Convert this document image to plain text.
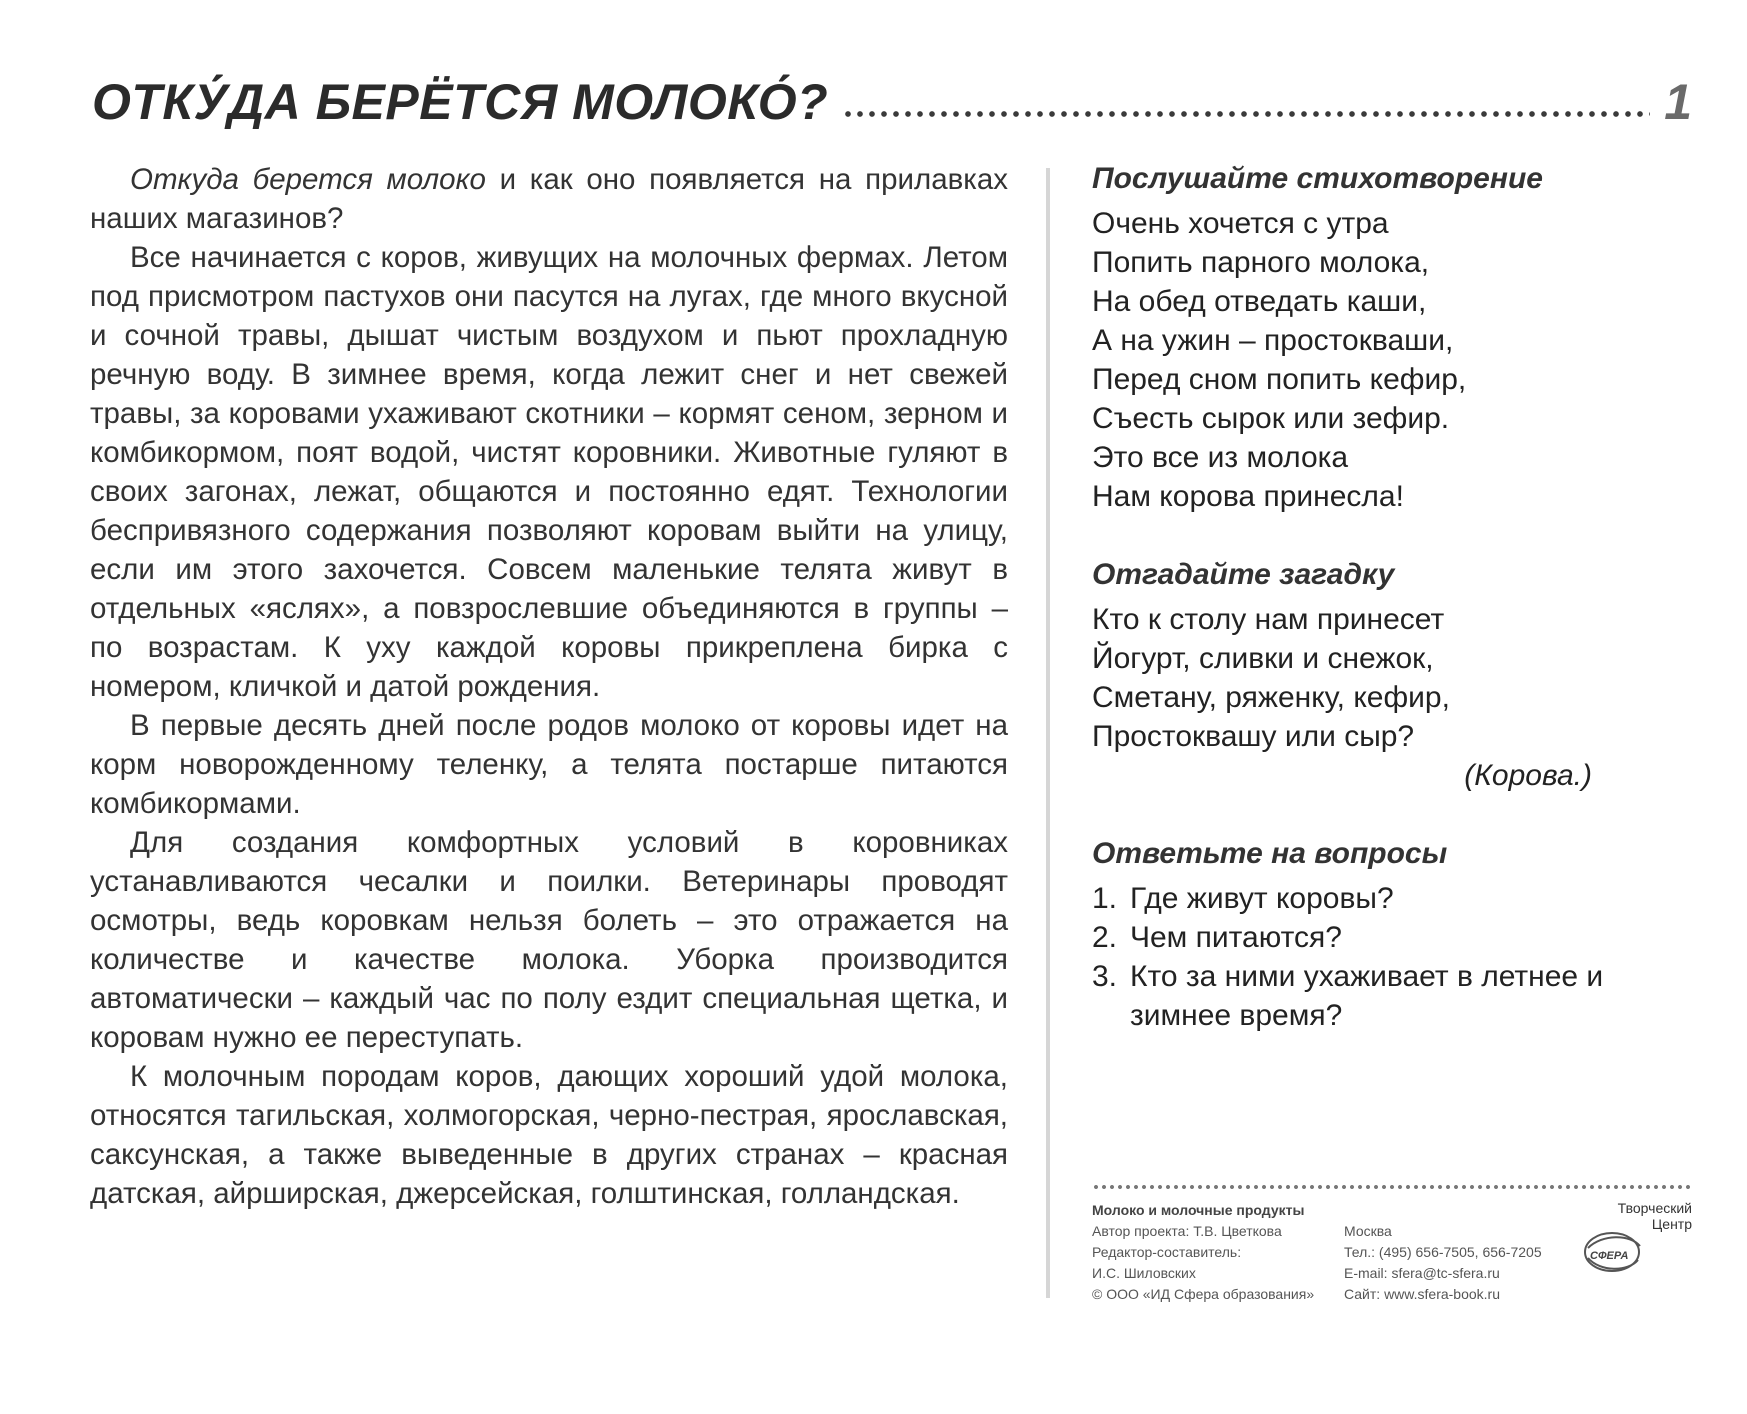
ОТКУ́ДА БЕРЁТСЯ МОЛОКО́?	1

Откуда берется молоко и как оно появляется на прилавках наших магазинов?

Все начинается с коров, живущих на молочных фермах. Летом под присмотром пастухов они пасутся на лугах, где много вкусной и сочной травы, дышат чистым воздухом и пьют прохладную речную воду. В зимнее время, когда лежит снег и нет свежей травы, за коровами ухаживают скотники – кормят сеном, зерном и комбикормом, поят водой, чистят коровники. Животные гуляют в своих загонах, лежат, общаются и постоянно едят. Технологии беспривязного содержания позволяют коровам выйти на улицу, если им этого захочется. Совсем маленькие телята живут в отдельных «яслях», а повзрослевшие объединяются в группы – по возрастам. К уху каждой коровы прикреплена бирка с номером, кличкой и датой рождения.

В первые десять дней после родов молоко от коровы идет на корм новорожденному теленку, а телята постарше питаются комбикормами.

Для создания комфортных условий в коровниках устанавливаются чесалки и поилки. Ветеринары проводят осмотры, ведь коровкам нельзя болеть – это отражается на количестве и качестве молока. Уборка производится автоматически – каждый час по полу ездит специальная щетка, и коровам нужно ее переступать.

К молочным породам коров, дающих хороший удой молока, относятся тагильская, холмогорская, черно-пестрая, ярославская, саксунская, а также выведенные в других странах – красная датская, айрширская, джерсейская, голштинская, голландская.

Послушайте стихотворение
Очень хочется с утра
Попить парного молока,
На обед отведать каши,
А на ужин – простокваши,
Перед сном попить кефир,
Съесть сырок или зефир.
Это все из молока
Нам корова принесла!
Отгадайте загадку
Кто к столу нам принесет
Йогурт, сливки и снежок,
Сметану, ряженку, кефир,
Простоквашу или сыр?
(Корова.)
Ответьте на вопросы
1. Где живут коровы?
2. Чем питаются?
3. Кто за ними ухаживает в летнее и зимнее время?
Молоко и молочные продукты
Автор проекта: Т.В. Цветкова
Редактор-составитель:
И.С. Шиловских
© ООО «ИД Сфера образования»
Москва
Тел.: (495) 656-7505, 656-7205
E-mail: sfera@tc-sfera.ru
Сайт: www.sfera-book.ru
Творческий
Центр
СФЕРА
